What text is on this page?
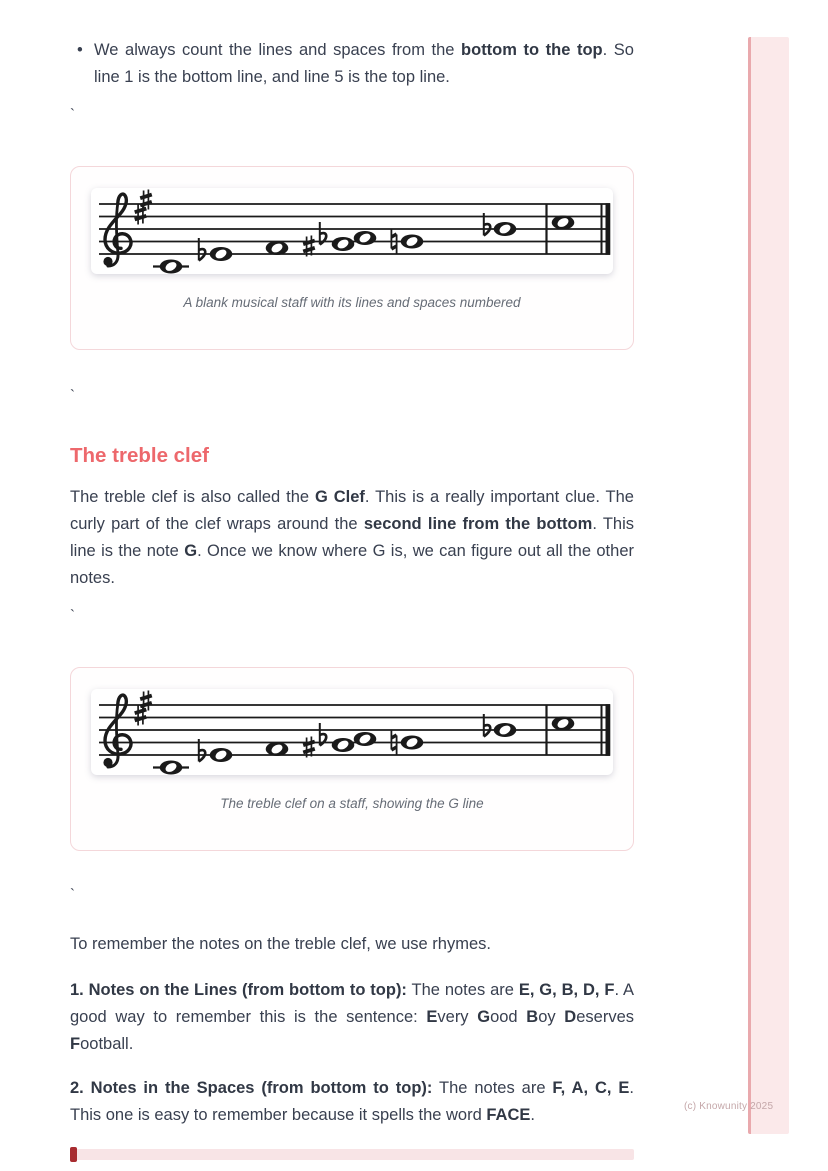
• We always count the lines and spaces from the bottom to the top. So line 1 is the bottom line, and line 5 is the top line.

`

A blank musical staff with its lines and spaces numbered

`

The treble clef

The treble clef is also called the G Clef. This is a really important clue. The curly part of the clef wraps around the second line from the bottom. This line is the note G. Once we know where G is, we can figure out all the other notes.

`

The treble clef on a staff, showing the G line

`

To remember the notes on the treble clef, we use rhymes.

1. Notes on the Lines (from bottom to top): The notes are E, G, B, D, F. A good way to remember this is the sentence: Every Good Boy Deserves Football.

2. Notes in the Spaces (from bottom to top): The notes are F, A, C, E. This one is easy to remember because it spells the word FACE.	(c) Knowunity 2025
